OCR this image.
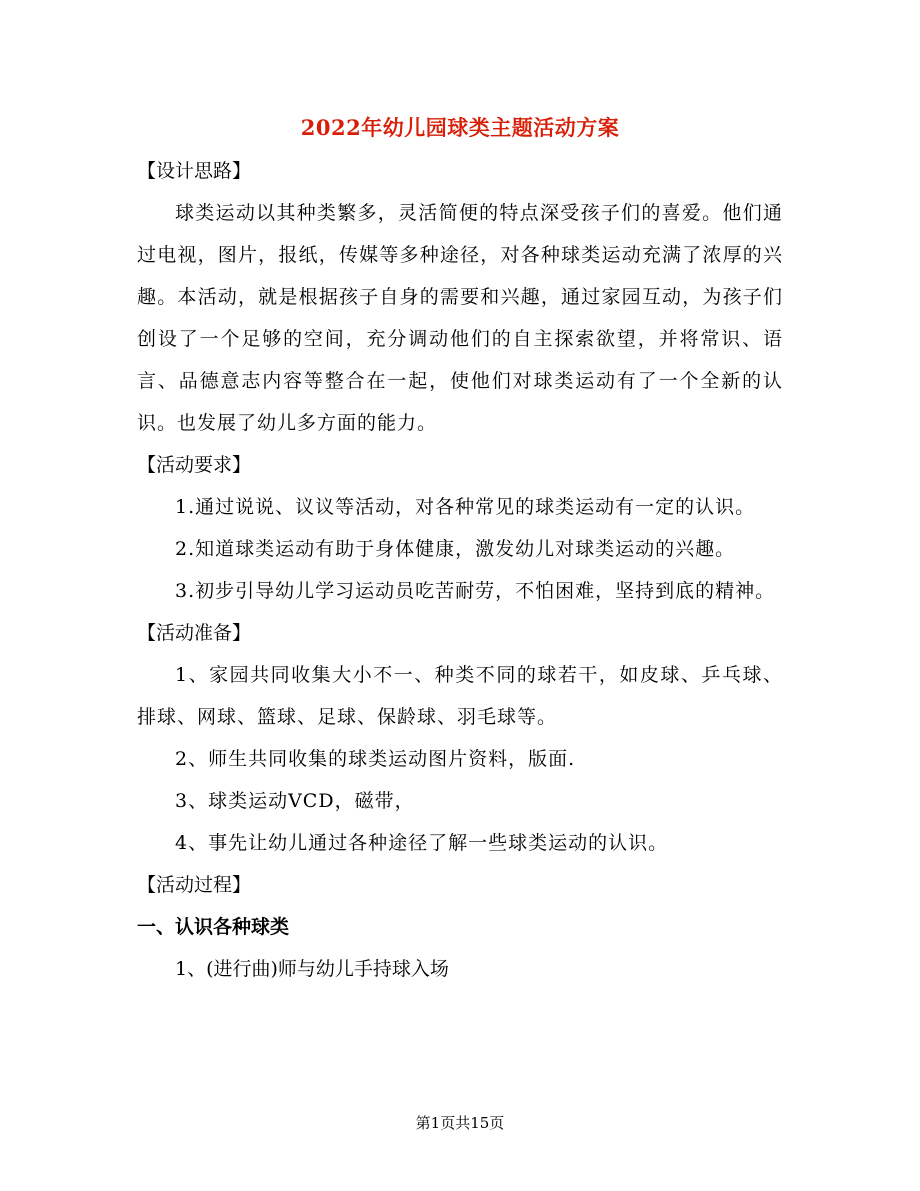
2022年幼儿园球类主题活动方案

【设计思路】

球类运动以其种类繁多，灵活简便的特点深受孩子们的喜爱。他们通过电视，图片，报纸，传媒等多种途径，对各种球类运动充满了浓厚的兴趣。本活动，就是根据孩子自身的需要和兴趣，通过家园互动，为孩子们创设了一个足够的空间，充分调动他们的自主探索欲望，并将常识、语言、品德意志内容等整合在一起，使他们对球类运动有了一个全新的认识。也发展了幼儿多方面的能力。

【活动要求】

1.通过说说、议议等活动，对各种常见的球类运动有一定的认识。

2.知道球类运动有助于身体健康，激发幼儿对球类运动的兴趣。

3.初步引导幼儿学习运动员吃苦耐劳，不怕困难，坚持到底的精神。

【活动准备】

1、家园共同收集大小不一、种类不同的球若干，如皮球、乒乓球、排球、网球、篮球、足球、保龄球、羽毛球等。

2、师生共同收集的球类运动图片资料，版面.

3、球类运动VCD，磁带，

4、事先让幼儿通过各种途径了解一些球类运动的认识。

【活动过程】

一、认识各种球类

1、(进行曲)师与幼儿手持球入场

第1页共15页
